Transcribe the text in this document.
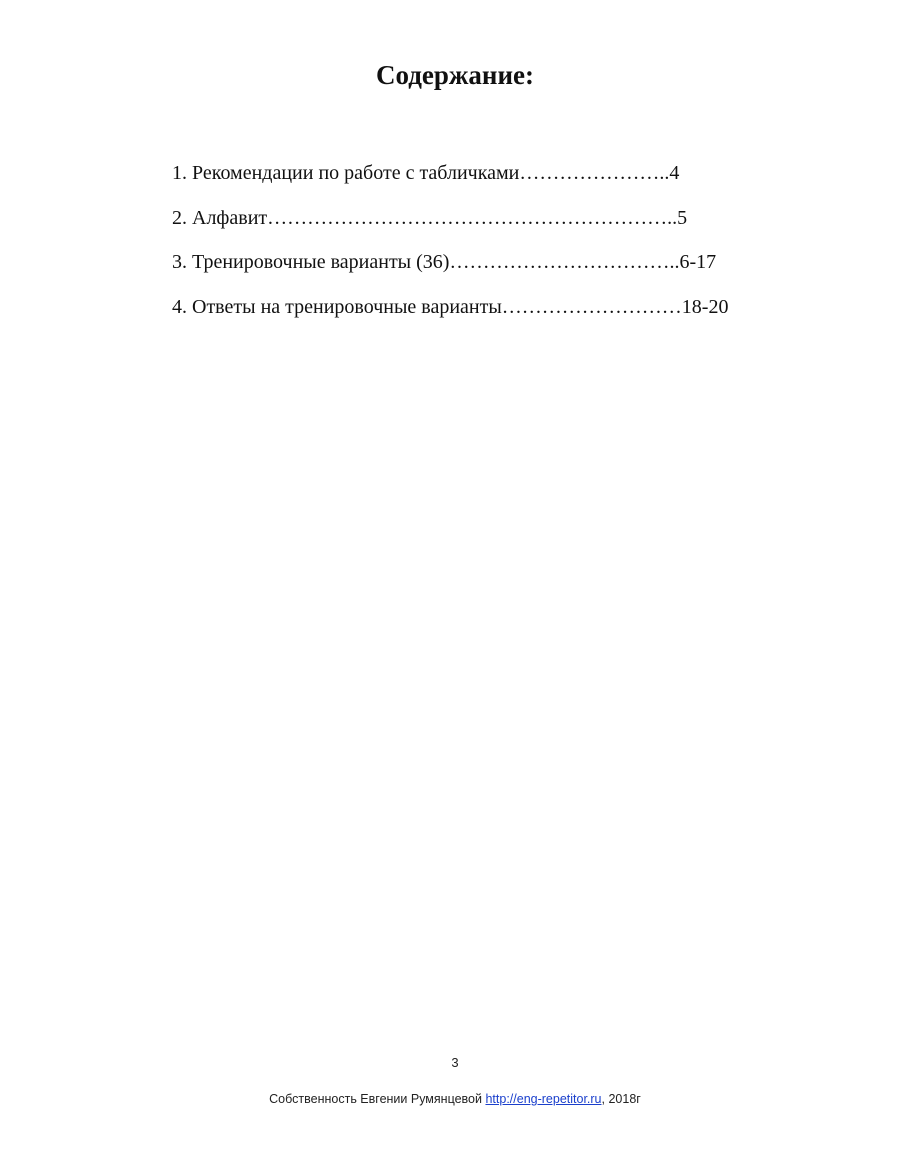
Содержание:
1. Рекомендации по работе с табличками…………………..4
2. Алфавит……………………………………………………..5
3. Тренировочные варианты (36)……………………………..6-17
4. Ответы на тренировочные варианты………………………18-20
3
Собственность Евгении Румянцевой http://eng-repetitor.ru, 2018г
